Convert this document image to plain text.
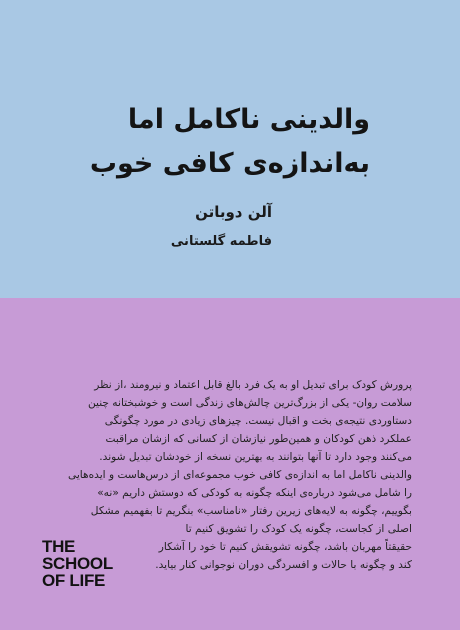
والدینی ناکامل اما
به‌اندازه‌ی کافی خوب
آلن دوباتن
فاطمه گلستانی
پرورش کودک برای تبدیل او به یک فرد بالغ قابل اعتماد و نیرومند ،از نظر
سلامت روان- یکی از بزرگ‌ترین چالش‌های زندگی است و خوشبختانه چنین
دستاوردی نتیجه‌ی بخت و اقبال نیست. چیزهای زیادی در مورد چگونگی
عملکرد ذهن کودکان و همین‌طور نیازشان از کسانی که ازشان مراقبت
می‌کنند وجود دارد تا آنها بتوانند به بهترین نسخه از خودشان تبدیل شوند.
والدینی ناکامل اما به اندازه‌ی کافی خوب مجموعه‌ای از درس‌هاست و ایده‌هایی
را شامل می‌شود درباره‌ی اینکه چگونه به کودکی که دوستش داریم «نه»
بگوییم، چگونه به لایه‌های زیرین رفتار «نامناسب» بنگریم تا بفهمیم مشکل
اصلی از کجاست، چگونه یک کودک را تشویق کنیم تا
حقیقتاً مهربان باشد، چگونه تشویقش کنیم تا خود را آشکار
کند و چگونه با حالات و افسردگی دوران نوجوانی کنار بیاید.
THE
SCHOOL
OF LIFE
